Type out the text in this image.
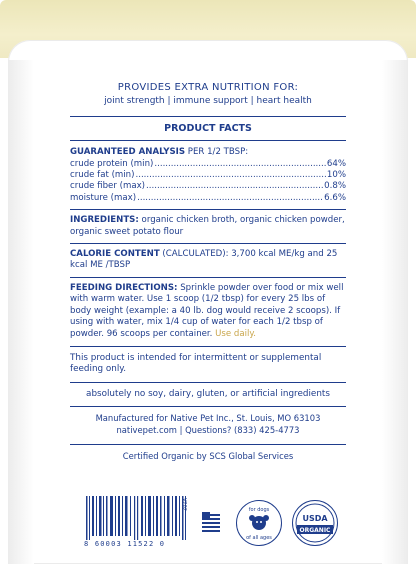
PROVIDES EXTRA NUTRITION FOR:

joint strength | immune support | heart health

PRODUCT FACTS

GUARANTEED ANALYSIS PER 1/2 TBSP:
crude protein (min) .....	64%
crude fat (min) .....	10%
crude fiber (max) .....	0.8%
moisture (max) .....	6.6%
INGREDIENTS: organic chicken broth, organic chicken powder, organic sweet potato flour
CALORIE CONTENT (CALCULATED): 3,700 kcal ME/kg and 25 kcal ME /TBSP
FEEDING DIRECTIONS: Sprinkle powder over food or mix well with warm water. Use 1 scoop (1/2 tbsp) for every 25 lbs of body weight (example: a 40 lb. dog would receive 2 scoops). If using with water, mix 1/4 cup of water for each 1/2 tbsp of powder. 96 scoops per container. Use daily.
This product is intended for intermittent or supplemental feeding only.
absolutely no soy, dairy, gluten, or artificial ingredients
Manufactured for Native Pet Inc., St. Louis, MO 63103
nativepet.com | Questions? (833) 425-4773
Certified Organic by SCS Global Services
8 60003 11522 0
V202	for dogs
of all ages
USDA
ORGANIC
